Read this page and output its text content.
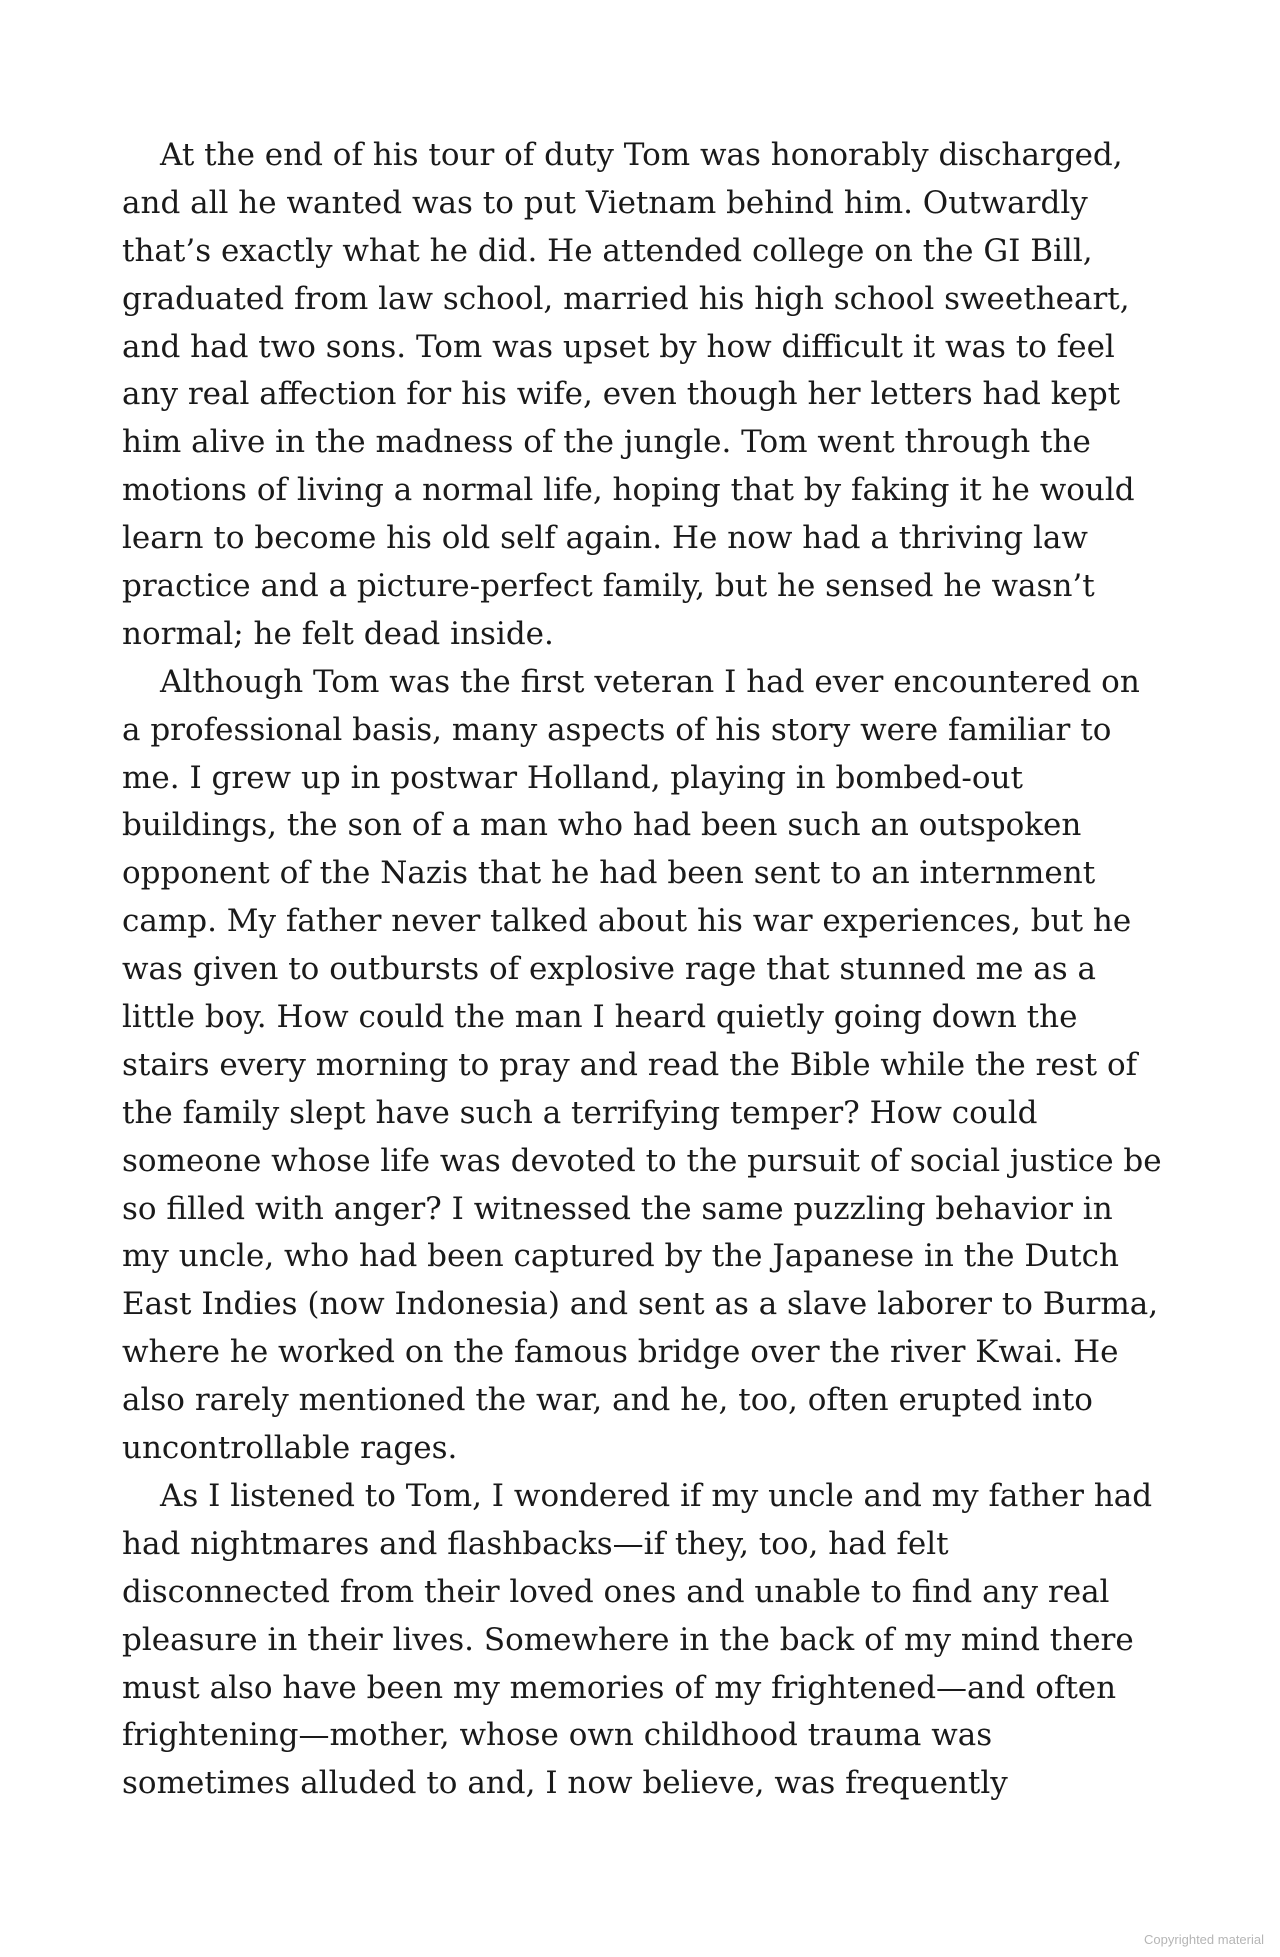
At the end of his tour of duty Tom was honorably discharged,
and all he wanted was to put Vietnam behind him. Outwardly
that’s exactly what he did. He attended college on the GI Bill,
graduated from law school, married his high school sweetheart,
and had two sons. Tom was upset by how difficult it was to feel
any real affection for his wife, even though her letters had kept
him alive in the madness of the jungle. Tom went through the
motions of living a normal life, hoping that by faking it he would
learn to become his old self again. He now had a thriving law
practice and a picture-perfect family, but he sensed he wasn’t
normal; he felt dead inside.
Although Tom was the first veteran I had ever encountered on
a professional basis, many aspects of his story were familiar to
me. I grew up in postwar Holland, playing in bombed-out
buildings, the son of a man who had been such an outspoken
opponent of the Nazis that he had been sent to an internment
camp. My father never talked about his war experiences, but he
was given to outbursts of explosive rage that stunned me as a
little boy. How could the man I heard quietly going down the
stairs every morning to pray and read the Bible while the rest of
the family slept have such a terrifying temper? How could
someone whose life was devoted to the pursuit of social justice be
so filled with anger? I witnessed the same puzzling behavior in
my uncle, who had been captured by the Japanese in the Dutch
East Indies (now Indonesia) and sent as a slave laborer to Burma,
where he worked on the famous bridge over the river Kwai. He
also rarely mentioned the war, and he, too, often erupted into
uncontrollable rages.
As I listened to Tom, I wondered if my uncle and my father had
had nightmares and flashbacks—if they, too, had felt
disconnected from their loved ones and unable to find any real
pleasure in their lives. Somewhere in the back of my mind there
must also have been my memories of my frightened—and often
frightening—mother, whose own childhood trauma was
sometimes alluded to and, I now believe, was frequently
Copyrighted material
